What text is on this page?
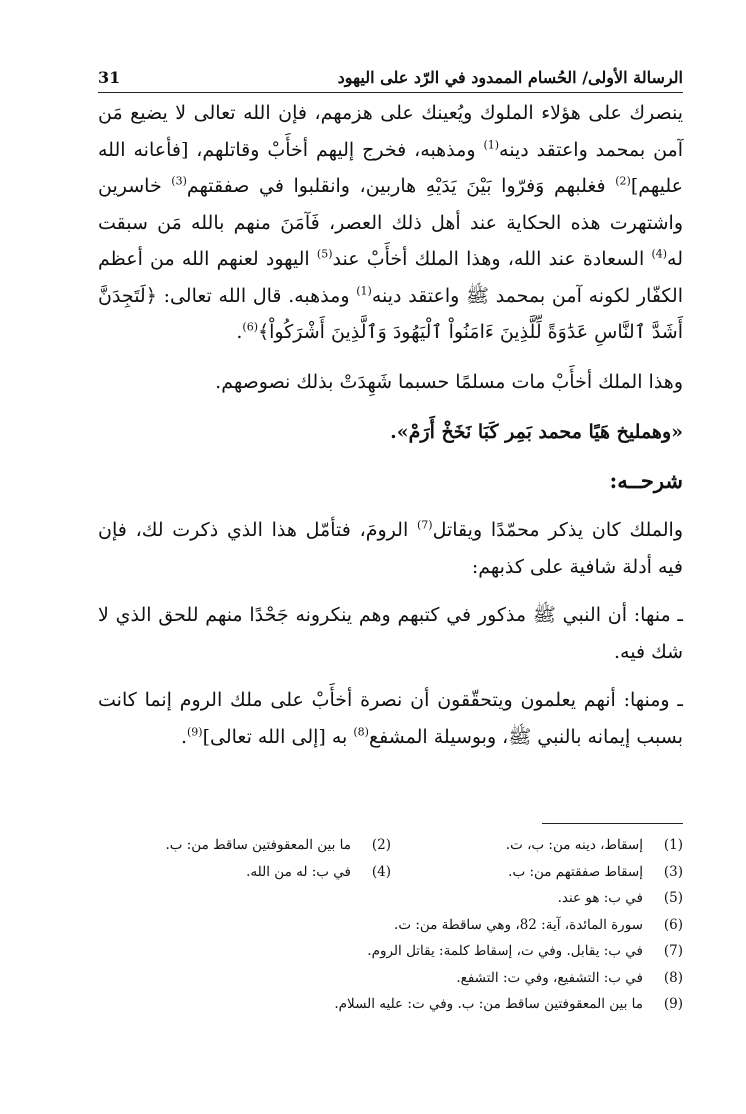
الرسالة الأولى/ الحُسام الممدود في الرّد على اليهود
31

ينصرك على هؤلاء الملوك ويُعينك على هزمهم، فإن الله تعالى لا يضيع مَن آمن بمحمد واعتقد دينه$^{(1)}$ ومذهبه، فخرج إليهم أخأَبْ وقاتلهم، [فأعانه الله عليهم]$^{(2)}$ فغلبهم وَفرّوا بَيْنَ يَدَيْهِ هاربين، وانقلبوا في صفقتهم$^{(3)}$ خاسرين واشتهرت هذه الحكاية عند أهل ذلك العصر، فَآمَنَ منهم بالله مَن سبقت له$^{(4)}$ السعادة عند الله، وهذا الملك أخأَبْ عند$^{(5)}$ اليهود لعنهم الله من أعظم الكفّار لكونه آمن بمحمد ﷺ واعتقد دينه$^{(1)}$ ومذهبه. قال الله تعالى: ﴿لَتَجِدَنَّ أَشَدَّ ٱلنَّاسِ عَدَٰوَةً لِّلَّذِينَ ءَامَنُواْ ٱلْيَهُودَ وَٱلَّذِينَ أَشْرَكُواْ﴾$^{(6)}$.

وهذا الملك أخأَبْ مات مسلمًا حسبما شَهِدَتْ بذلك نصوصهم.

«وهمليخ هَيًا محمد بَمِر كَبَا نَخَخْ أَرَمْ».

شرحــه:

والملك كان يذكر محمّدًا ويقاتل$^{(7)}$ الرومَ، فتأمّل هذا الذي ذكرت لك، فإن فيه أدلة شافية على كذبهم:

ـ منها: أن النبي ﷺ مذكور في كتبهم وهم ينكرونه جَحْدًا منهم للحق الذي لا شك فيه.

ـ ومنها: أنهم يعلمون ويتحقّقون أن نصرة أخأَبْ على ملك الروم إنما كانت بسبب إيمانه بالنبي ﷺ، وبوسيلة المشفع$^{(8)}$ به [إلى الله تعالى]$^{(9)}$.

(1)
إسقاط، دينه من: ب، ت.
(2)
ما بين المعقوفتين ساقط من: ب.
(3)
إسقاط صفقتهم من: ب.
(4)
في ب: له من الله.
(5)
في ب: هو عند.
(6)
سورة المائدة، آية: 82، وهي ساقطة من: ت.
(7)
في ب: يقابل. وفي ت، إسقاط كلمة: يقاتل الروم.
(8)
في ب: التشفيع، وفي ت: التشفع.
(9)
ما بين المعقوفتين ساقط من: ب. وفي ت: عليه السلام.
